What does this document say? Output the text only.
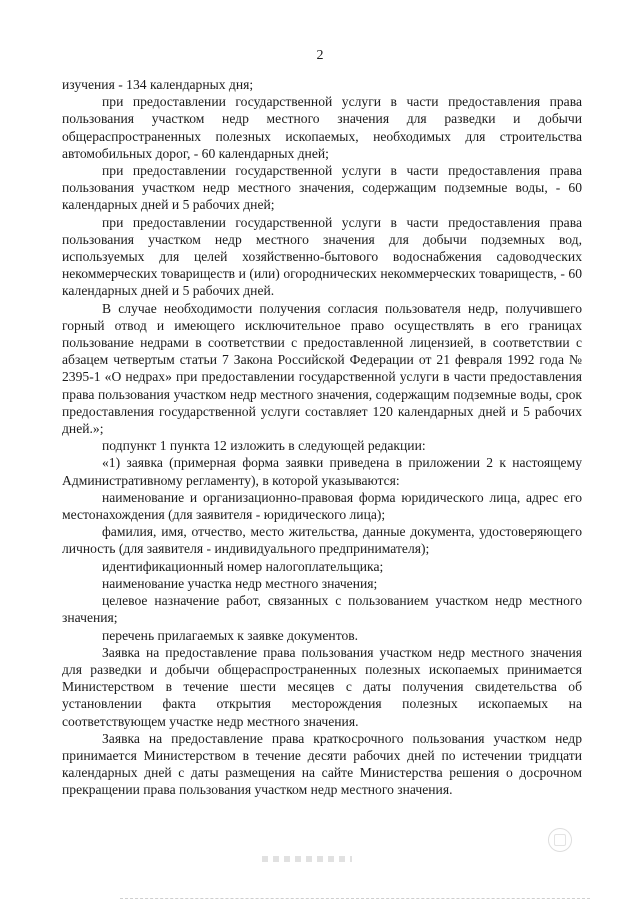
2

изучения - 134 календарных дня;

при предоставлении государственной услуги в части предоставления права пользования участком недр местного значения для разведки и добычи общераспространенных полезных ископаемых, необходимых для строительства автомобильных дорог, - 60 календарных дней;

при предоставлении государственной услуги в части предоставления права пользования участком недр местного значения, содержащим подземные воды, - 60 календарных дней и 5 рабочих дней;

при предоставлении государственной услуги в части предоставления права пользования участком недр местного значения для добычи подземных вод, используемых для целей хозяйственно-бытового водоснабжения садоводческих некоммерческих товариществ и (или) огороднических некоммерческих товариществ, - 60 календарных дней и 5 рабочих дней.

В случае необходимости получения согласия пользователя недр, получившего горный отвод и имеющего исключительное право осуществлять в его границах пользование недрами в соответствии с предоставленной лицензией, в соответствии с абзацем четвертым статьи 7 Закона Российской Федерации от 21 февраля 1992 года № 2395-1 «О недрах» при предоставлении государственной услуги в части предоставления права пользования участком недр местного значения, содержащим подземные воды, срок предоставления государственной услуги составляет 120 календарных дней и 5 рабочих дней.»;

подпункт 1 пункта 12 изложить в следующей редакции:

«1) заявка (примерная форма заявки приведена в приложении 2 к настоящему Административному регламенту), в которой указываются:

наименование и организационно-правовая форма юридического лица, адрес его местонахождения (для заявителя - юридического лица);

фамилия, имя, отчество, место жительства, данные документа, удостоверяющего личность (для заявителя - индивидуального предпринимателя);

идентификационный номер налогоплательщика;

наименование участка недр местного значения;

целевое назначение работ, связанных с пользованием участком недр местного значения;

перечень прилагаемых к заявке документов.

Заявка на предоставление права пользования участком недр местного значения для разведки и добычи общераспространенных полезных ископаемых принимается Министерством в течение шести месяцев с даты получения свидетельства об установлении факта открытия месторождения полезных ископаемых на соответствующем участке недр местного значения.

Заявка на предоставление права краткосрочного пользования участком недр принимается Министерством в течение десяти рабочих дней по истечении тридцати календарных дней с даты размещения на сайте Министерства решения о досрочном прекращении права пользования участком недр местного значения.
